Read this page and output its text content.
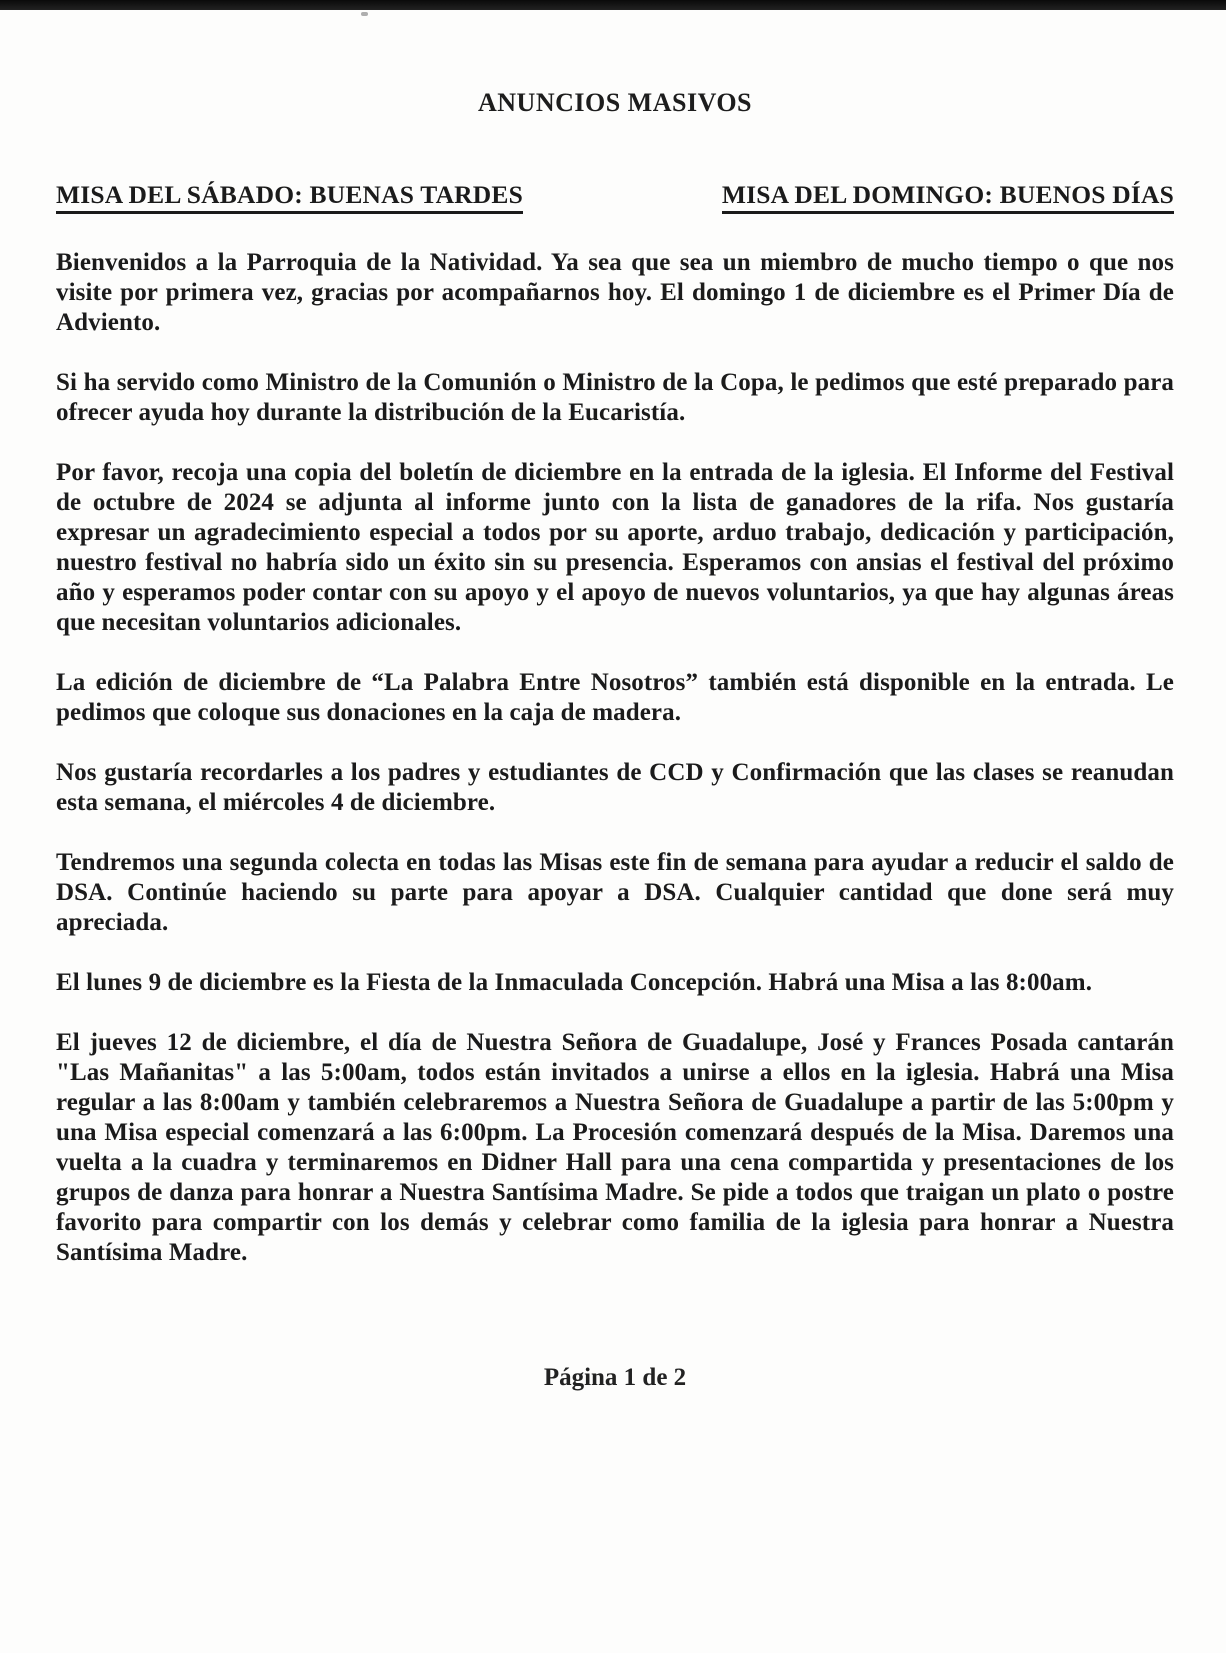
ANUNCIOS MASIVOS
MISA DEL SÁBADO: BUENAS TARDES	MISA DEL DOMINGO: BUENOS DÍAS

Bienvenidos a la Parroquia de la Natividad. Ya sea que sea un miembro de mucho tiempo o que nos visite por primera vez, gracias por acompañarnos hoy. El domingo 1 de diciembre es el Primer Día de Adviento.

Si ha servido como Ministro de la Comunión o Ministro de la Copa, le pedimos que esté preparado para ofrecer ayuda hoy durante la distribución de la Eucaristía.

Por favor, recoja una copia del boletín de diciembre en la entrada de la iglesia. El Informe del Festival de octubre de 2024 se adjunta al informe junto con la lista de ganadores de la rifa. Nos gustaría expresar un agradecimiento especial a todos por su aporte, arduo trabajo, dedicación y participación, nuestro festival no habría sido un éxito sin su presencia. Esperamos con ansias el festival del próximo año y esperamos poder contar con su apoyo y el apoyo de nuevos voluntarios, ya que hay algunas áreas que necesitan voluntarios adicionales.

La edición de diciembre de “La Palabra Entre Nosotros” también está disponible en la entrada. Le pedimos que coloque sus donaciones en la caja de madera.

Nos gustaría recordarles a los padres y estudiantes de CCD y Confirmación que las clases se reanudan esta semana, el miércoles 4 de diciembre.

Tendremos una segunda colecta en todas las Misas este fin de semana para ayudar a reducir el saldo de DSA. Continúe haciendo su parte para apoyar a DSA. Cualquier cantidad que done será muy apreciada.

El lunes 9 de diciembre es la Fiesta de la Inmaculada Concepción. Habrá una Misa a las 8:00am.

El jueves 12 de diciembre, el día de Nuestra Señora de Guadalupe, José y Frances Posada cantarán "Las Mañanitas" a las 5:00am, todos están invitados a unirse a ellos en la iglesia. Habrá una Misa regular a las 8:00am y también celebraremos a Nuestra Señora de Guadalupe a partir de las 5:00pm y una Misa especial comenzará a las 6:00pm. La Procesión comenzará después de la Misa. Daremos una vuelta a la cuadra y terminaremos en Didner Hall para una cena compartida y presentaciones de los grupos de danza para honrar a Nuestra Santísima Madre. Se pide a todos que traigan un plato o postre favorito para compartir con los demás y celebrar como familia de la iglesia para honrar a Nuestra Santísima Madre.

Página 1 de 2
